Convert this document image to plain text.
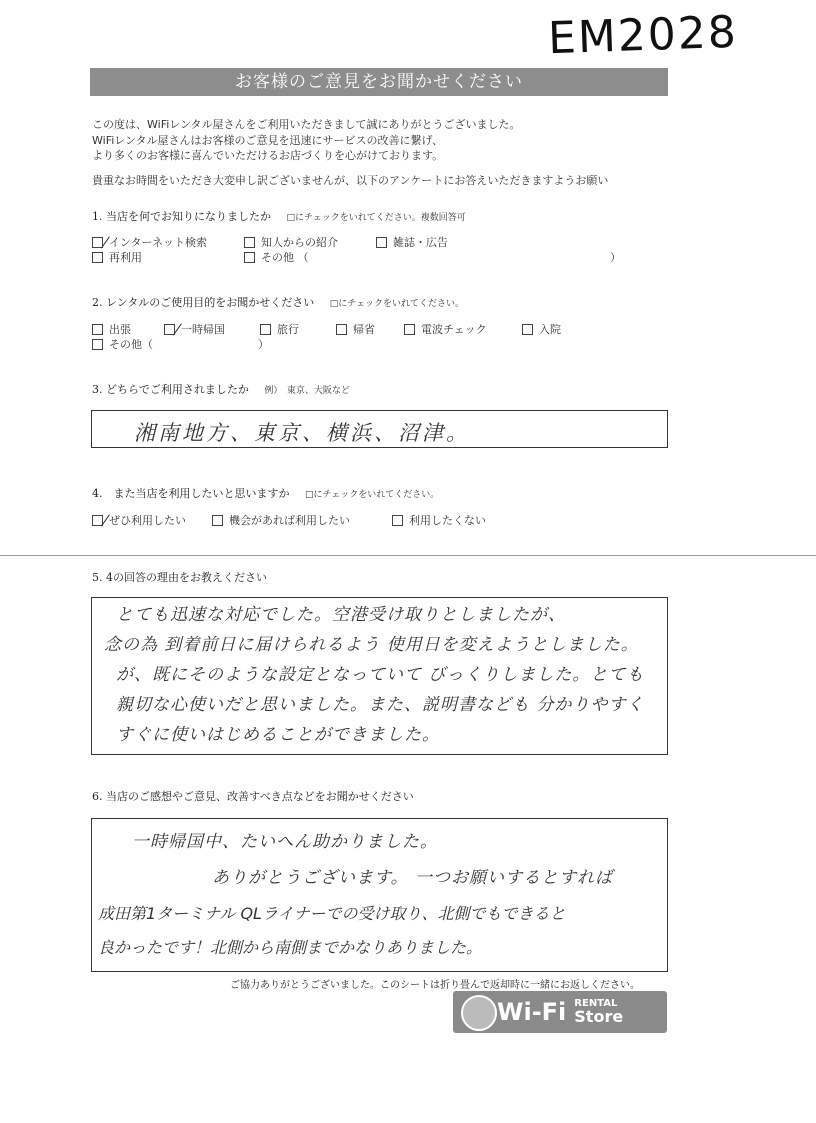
EM2028
お客様のご意見をお聞かせください
この度は、WiFiレンタル屋さんをご利用いただきまして誠にありがとうございました。
WiFiレンタル屋さんはお客様のご意見を迅速にサービスの改善に繋げ、
より多くのお客様に喜んでいただけるお店づくりを心がけております。
貴重なお時間をいただき大変申し訳ございませんが、以下のアンケートにお答えいただきますようお願い
1. 当店を何でお知りになりましたか □にチェックをいれてください。複数回答可
インターネット検索	知人からの紹介	雑誌・広告
再利用	その他 （	）
2. レンタルのご使用目的をお聞かせください □にチェックをいれてください。
出張	一時帰国	旅行	帰省	電波チェック	入院
その他（	）
3. どちらでご利用されましたか 例）　東京、大阪など
湘南地方、東京、横浜、沼津。
4.　また当店を利用したいと思いますか □にチェックをいれてください。
ぜひ利用したい	機会があれば利用したい	利用したくない
5. 4の回答の理由をお教えください
とても迅速な対応でした。空港受け取りとしましたが、
念の為 到着前日に届けられるよう 使用日を変えようとしました。
が、既にそのような設定となっていて びっくりしました。とても
親切な心使いだと思いました。また、説明書なども 分かりやすく
すぐに使いはじめることができました。
6. 当店のご感想やご意見、改善すべき点などをお聞かせください
一時帰国中、たいへん助かりました。
ありがとうございます。 一つお願いするとすれば
成田第1ターミナル QLライナーでの受け取り、北側でもできると
良かったです！北側から南側までかなりありました。
ご協力ありがとうございました。このシートは折り畳んで返却時に一緒にお返しください。
Wi-Fi RENTAL
Store
